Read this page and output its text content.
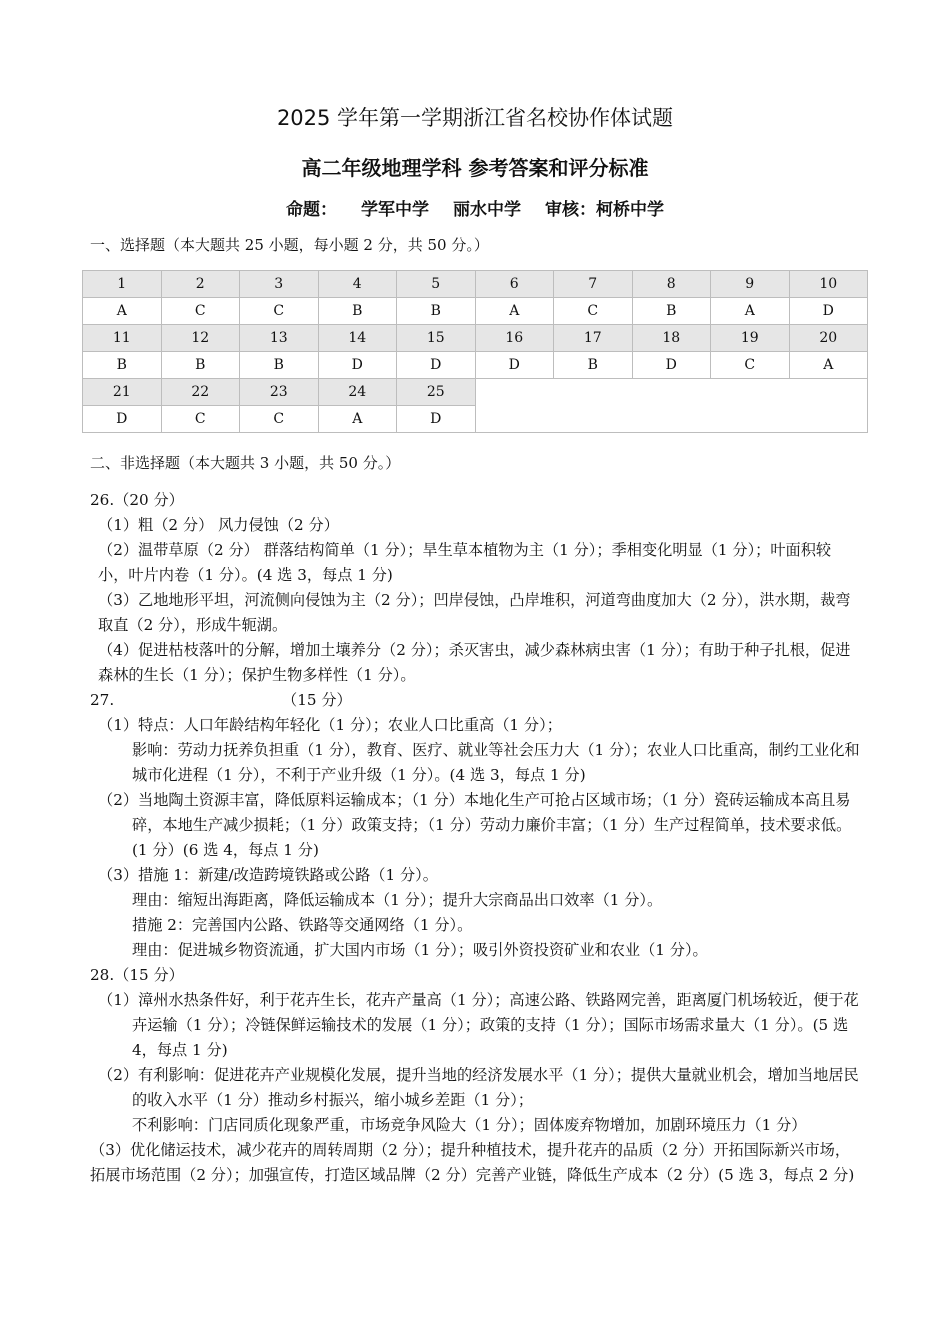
2025 学年第一学期浙江省名校协作体试题
高二年级地理学科 参考答案和评分标准
命题： 学军中学 丽水中学 审核：柯桥中学
一、选择题（本大题共 25 小题，每小题 2 分，共 50 分。）
1	2	3	4	5	6	7	8	9	10
A	C	C	B	B	A	C	B	A	D
11	12	13	14	15	16	17	18	19	20
B	B	B	D	D	D	B	D	C	A
21	22	23	24	25					
D	C	C	A	D					
二、非选择题（本大题共 3 小题，共 50 分。）

26.（20 分）

（1）粗（2 分） 风力侵蚀（2 分）

（2）温带草原（2 分） 群落结构简单（1 分）；旱生草本植物为主（1 分）；季相变化明显（1 分）；叶面积较小，叶片内卷（1 分）。(4 选 3，每点 1 分)

（3）乙地地形平坦，河流侧向侵蚀为主（2 分）；凹岸侵蚀，凸岸堆积，河道弯曲度加大（2 分），洪水期，裁弯取直（2 分），形成牛轭湖。

（4）促进枯枝落叶的分解，增加土壤养分（2 分）；杀灭害虫，减少森林病虫害（1 分）；有助于种子扎根，促进森林的生长（1 分）；保护生物多样性（1 分）。

27.	（15 分）

（1）特点：人口年龄结构年轻化（1 分）；农业人口比重高（1 分）；

影响：劳动力抚养负担重（1 分），教育、医疗、就业等社会压力大（1 分）；农业人口比重高，制约工业化和城市化进程（1 分），不利于产业升级（1 分）。(4 选 3，每点 1 分)

（2）当地陶土资源丰富，降低原料运输成本；（1 分）本地化生产可抢占区域市场；（1 分）瓷砖运输成本高且易碎，本地生产减少损耗；（1 分）政策支持；（1 分）劳动力廉价丰富；（1 分）生产过程简单，技术要求低。(1 分）(6 选 4，每点 1 分)

（3）措施 1：新建/改造跨境铁路或公路（1 分）。

理由：缩短出海距离，降低运输成本（1 分）；提升大宗商品出口效率（1 分）。

措施 2：完善国内公路、铁路等交通网络（1 分）。

理由：促进城乡物资流通，扩大国内市场（1 分）；吸引外资投资矿业和农业（1 分）。

28.（15 分）

（1）漳州水热条件好，利于花卉生长，花卉产量高（1 分）；高速公路、铁路网完善，距离厦门机场较近，便于花卉运输（1 分）；冷链保鲜运输技术的发展（1 分）；政策的支持（1 分）；国际市场需求量大（1 分）。(5 选 4，每点 1 分)

（2）有利影响：促进花卉产业规模化发展，提升当地的经济发展水平（1 分）；提供大量就业机会，增加当地居民的收入水平（1 分）推动乡村振兴，缩小城乡差距（1 分）；

不利影响：门店同质化现象严重，市场竞争风险大（1 分）；固体废弃物增加，加剧环境压力（1 分）

（3）优化储运技术，减少花卉的周转周期（2 分）；提升种植技术，提升花卉的品质（2 分）开拓国际新兴市场，拓展市场范围（2 分）；加强宣传，打造区域品牌（2 分）完善产业链，降低生产成本（2 分）(5 选 3，每点 2 分)
